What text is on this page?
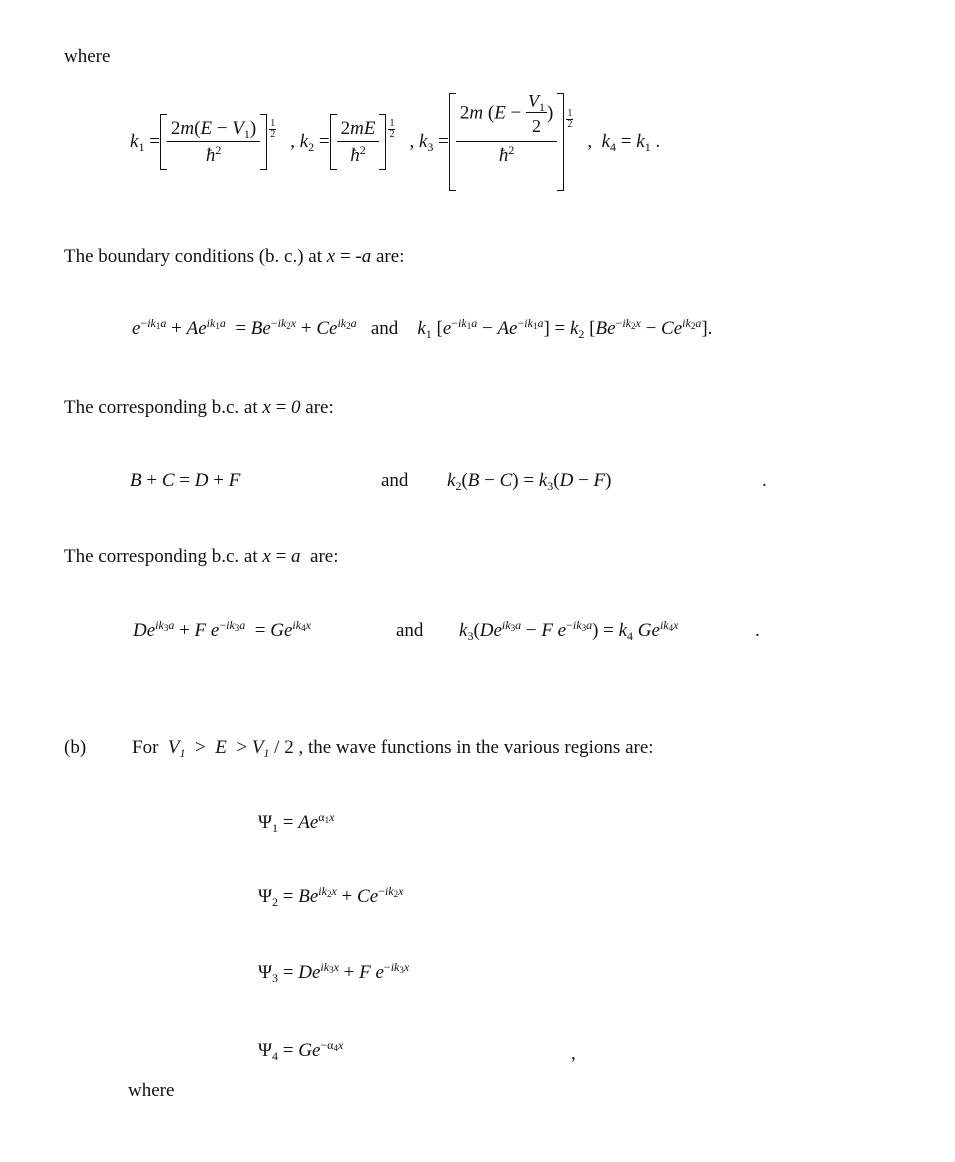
where
$k_1 = \frac{2m(E - V_1)}{ħ^2} 1$
2 , $k_2 = \frac{2mE}{ħ^2} 1$
2 , $k_3 = \frac{2m (E - \frac{V_1}{2} )}{ħ^2} 1$
2
, $k_4 = k_1$ .
The boundary conditions (b. c.) at x = -a are:
$e^{-ik_1a} + Ae^{ik_1a} = Be^{-ik_2x} + Ce^{ik_2a}$ and $k_1$ $[e^{-ik_1a} - Ae^{-ik_1a}] = k_2$ $[Be^{-ik_2x} - Ce^{ik_2a}]$.
The corresponding b.c. at x = 0 are:
B + C = D + F	and $k_2(B - C) = k_3(D - F)$	.
The corresponding b.c. at x = a  are:
$De^{ik_3a} + F$ $e^{-ik_3a} = Ge^{ik_4x}$	and $k_3(De^{ik_3a} - F$ $e^{-ik_3a}) = k_4$ $Ge^{ik_4x}$	.
(b) For  $V_1 > E > V_1 / 2$ , the wave functions in the various regions are:
$\Psi_1 = Ae^{\alpha_1x}$
$\Psi_2 = Be^{ik_2x} + Ce^{-ik_2x}$
$\Psi_3 = De^{ik_3x} + F$ $e^{-ik_3x}$
$\Psi_4 = Ge^{-\alpha_4x}$	,
where
